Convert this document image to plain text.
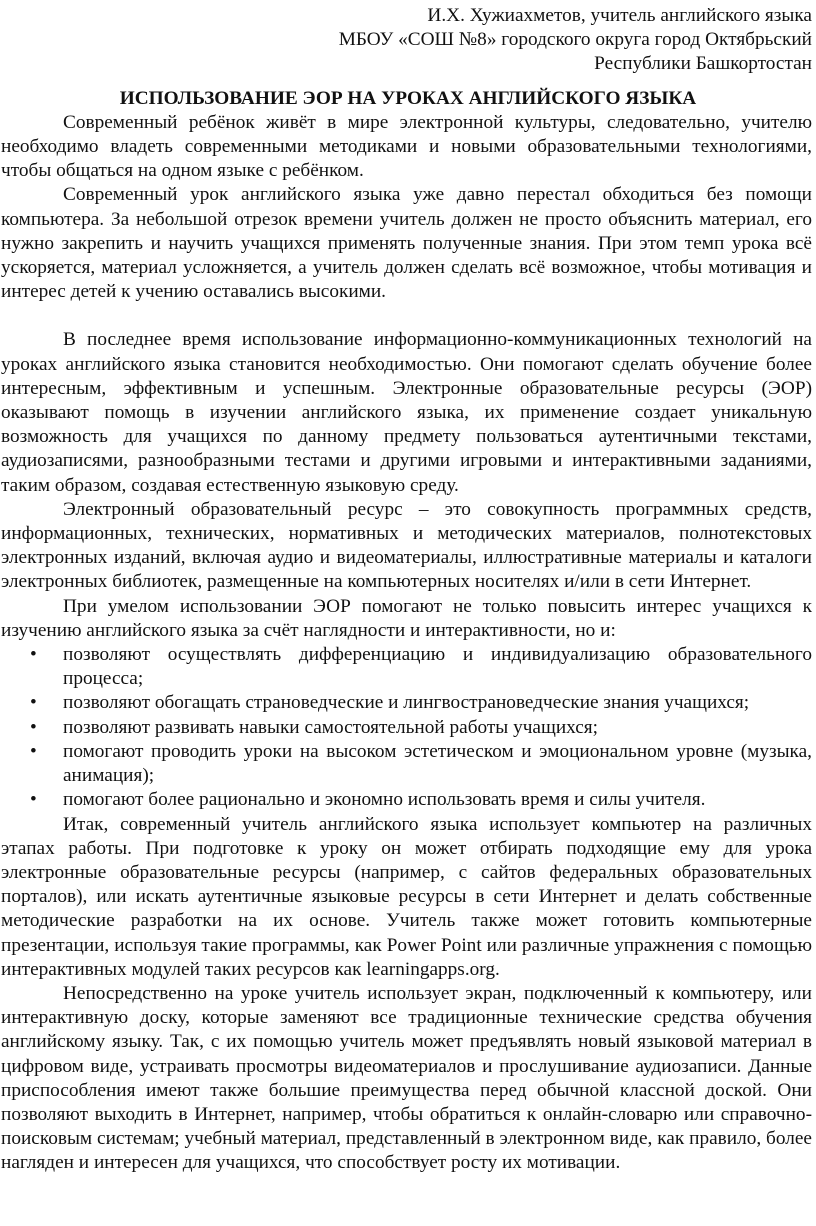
И.Х. Хужиахметов, учитель английского языка
МБОУ «СОШ №8» городского округа город Октябрьский
Республики Башкортостан
ИСПОЛЬЗОВАНИЕ ЭОР НА УРОКАХ АНГЛИЙСКОГО ЯЗЫКА

Современный ребёнок живёт в мире электронной культуры, следовательно, учителю необходимо владеть современными методиками и новыми образовательными технологиями, чтобы общаться на одном языке с ребёнком.

Современный урок английского языка уже давно перестал обходиться без помощи компьютера. За небольшой отрезок времени учитель должен не просто объяснить материал, его нужно закрепить и научить учащихся применять полученные знания. При этом темп урока всё ускоряется, материал усложняется, а учитель должен сделать всё возможное, чтобы мотивация и интерес детей к учению оставались высокими.

В последнее время использование информационно-коммуникационных технологий на уроках английского языка становится необходимостью. Они помогают сделать обучение более интересным, эффективным и успешным. Электронные образовательные ресурсы (ЭОР) оказывают помощь в изучении английского языка, их применение создает уникальную возможность для учащихся по данному предмету пользоваться аутентичными текстами, аудиозаписями, разнообразными тестами и другими игровыми и интерактивными заданиями, таким образом, создавая естественную языковую среду.

Электронный образовательный ресурс – это совокупность программных средств, информационных, технических, нормативных и методических материалов, полнотекстовых электронных изданий, включая аудио и видеоматериалы, иллюстративные материалы и каталоги электронных библиотек, размещенные на компьютерных носителях и/или в сети Интернет.

При умелом использовании ЭОР помогают не только повысить интерес учащихся к изучению английского языка за счёт наглядности и интерактивности, но и:

• позволяют осуществлять дифференциацию и индивидуализацию образовательного процесса;
• позволяют обогащать страноведческие и лингвострановедческие знания учащихся;
• позволяют развивать навыки самостоятельной работы учащихся;
• помогают проводить уроки на высоком эстетическом и эмоциональном уровне (музыка, анимация);
• помогают более рационально и экономно использовать время и силы учителя.

Итак, современный учитель английского языка использует компьютер на различных этапах работы. При подготовке к уроку он может отбирать подходящие ему для урока электронные образовательные ресурсы (например, с сайтов федеральных образовательных порталов), или искать аутентичные языковые ресурсы в сети Интернет и делать собственные методические разработки на их основе. Учитель также может готовить компьютерные презентации, используя такие программы, как Power Point или различные упражнения с помощью интерактивных модулей таких ресурсов как learningapps.org.

Непосредственно на уроке учитель использует экран, подключенный к компьютеру, или интерактивную доску, которые заменяют все традиционные технические средства обучения английскому языку. Так, с их помощью учитель может предъявлять новый языковой материал в цифровом виде, устраивать просмотры видеоматериалов и прослушивание аудиозаписи. Данные приспособления имеют также большие преимущества перед обычной классной доской. Они позволяют выходить в Интернет, например, чтобы обратиться к онлайн-словарю или справочно-поисковым системам; учебный материал, представленный в электронном виде, как правило, более нагляден и интересен для учащихся, что способствует росту их мотивации.
